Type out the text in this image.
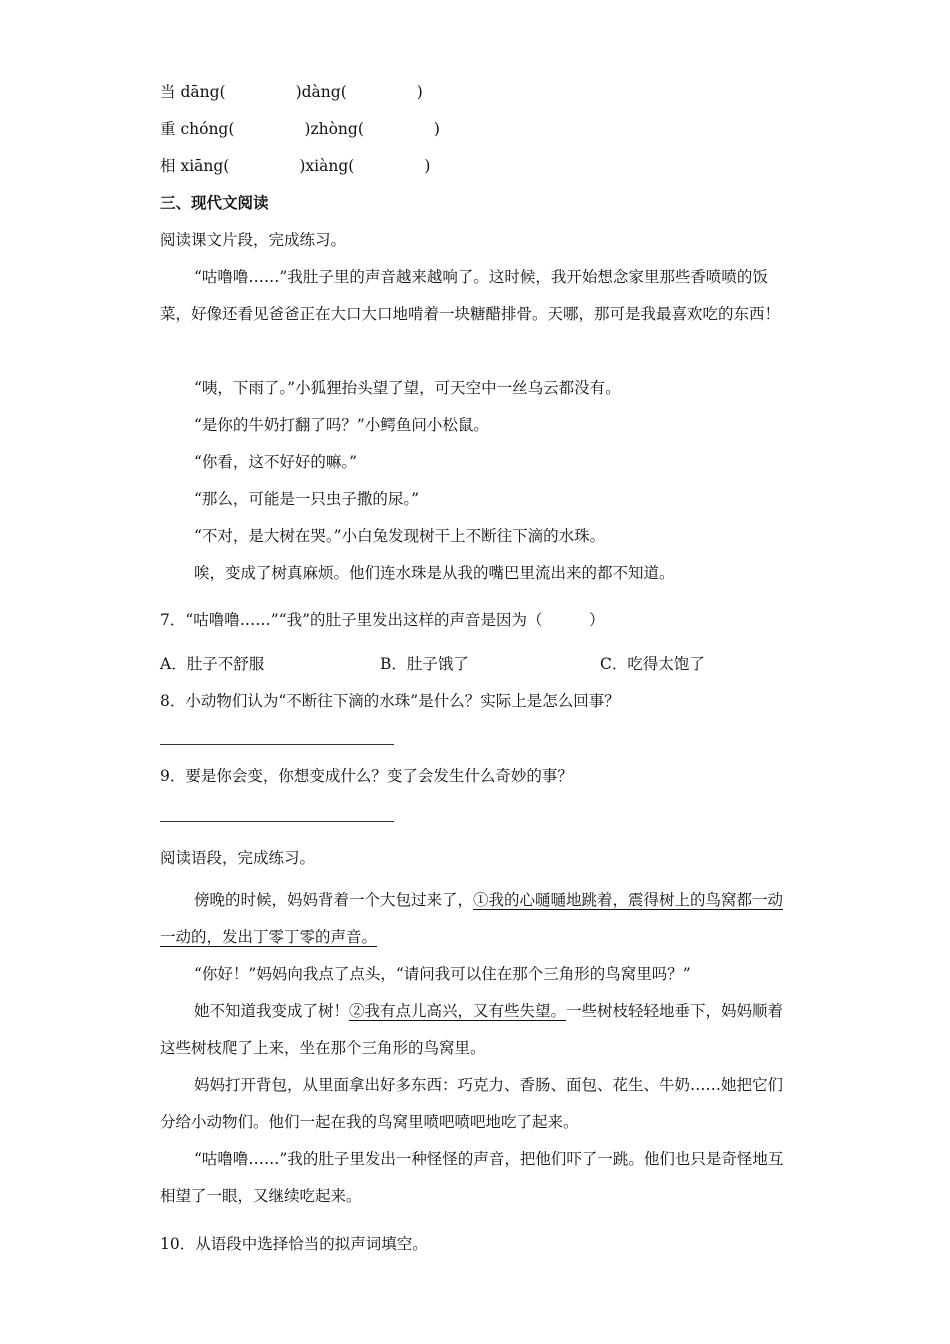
当 dāng(	)dàng(	)
重 chóng(	)zhòng(	)
相 xiāng(	)xiàng(	)
三、现代文阅读
阅读课文片段，完成练习。
“咕噜噜……”我肚子里的声音越来越响了。这时候，我开始想念家里那些香喷喷的饭菜，好像还看见爸爸正在大口大口地啃着一块糖醋排骨。天哪，那可是我最喜欢吃的东西！
“咦，下雨了。”小狐狸抬头望了望，可天空中一丝乌云都没有。
“是你的牛奶打翻了吗？”小鳄鱼问小松鼠。
“你看，这不好好的嘛。”
“那么，可能是一只虫子撒的尿。”
“不对，是大树在哭。”小白兔发现树干上不断往下滴的水珠。
唉，变成了树真麻烦。他们连水珠是从我的嘴巴里流出来的都不知道。
7．“咕噜噜……”“我”的肚子里发出这样的声音是因为（　　　）
A．肚子不舒服	B．肚子饿了	C．吃得太饱了
8．小动物们认为“不断往下滴的水珠”是什么？实际上是怎么回事？
9．要是你会变，你想变成什么？变了会发生什么奇妙的事？
阅读语段，完成练习。
傍晚的时候，妈妈背着一个大包过来了，①我的心嗵嗵地跳着，震得树上的鸟窝都一动一动的，发出丁零丁零的声音。
“你好！”妈妈向我点了点头，“请问我可以住在那个三角形的鸟窝里吗？”
她不知道我变成了树！②我有点儿高兴，又有些失望。一些树枝轻轻地垂下，妈妈顺着这些树枝爬了上来，坐在那个三角形的鸟窝里。
妈妈打开背包，从里面拿出好多东西：巧克力、香肠、面包、花生、牛奶……她把它们分给小动物们。他们一起在我的鸟窝里喷吧喷吧地吃了起来。
“咕噜噜……”我的肚子里发出一种怪怪的声音，把他们吓了一跳。他们也只是奇怪地互相望了一眼，又继续吃起来。
10．从语段中选择恰当的拟声词填空。
